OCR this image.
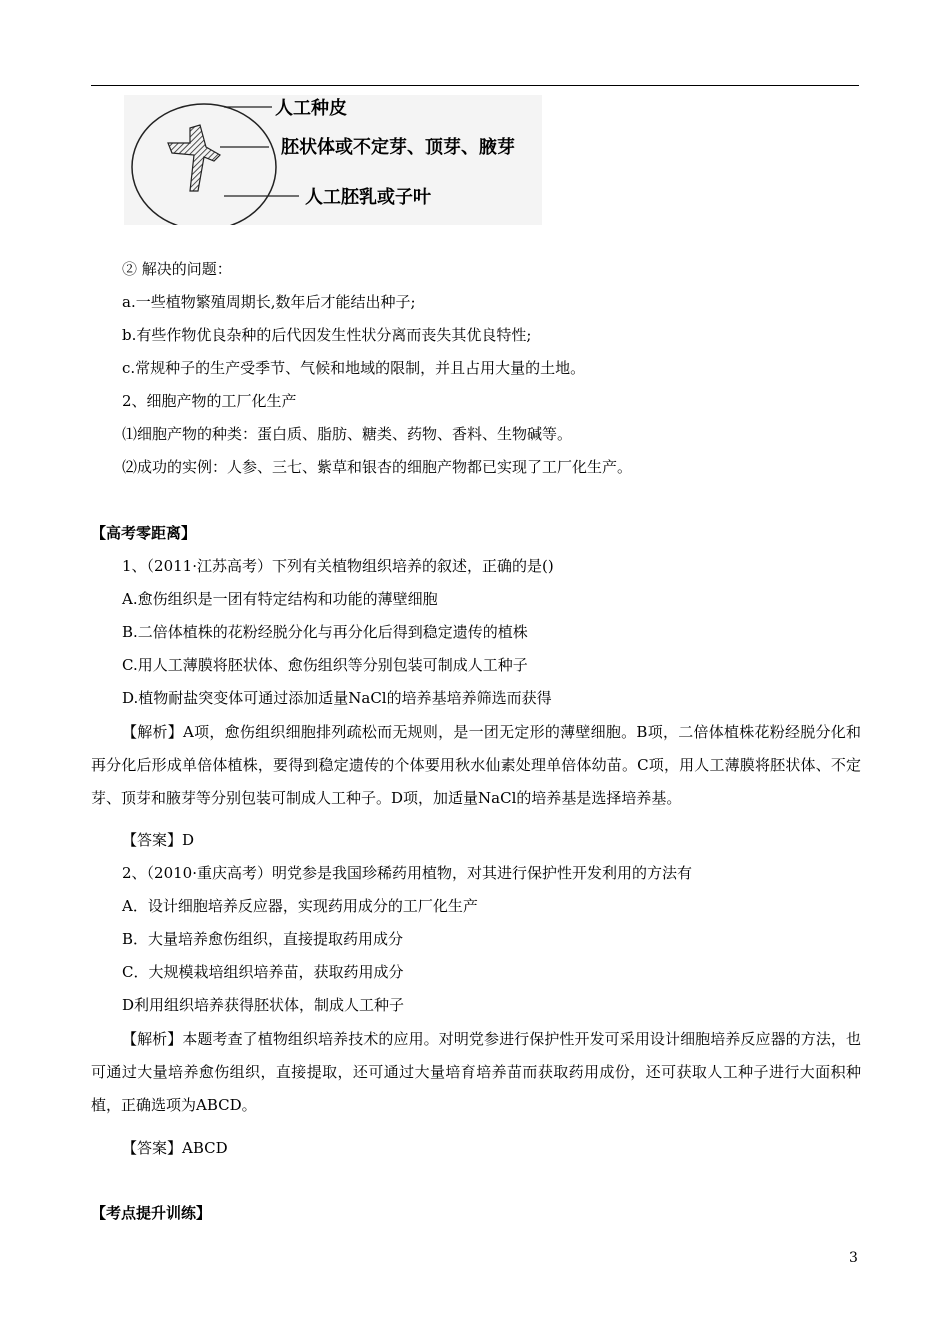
人工种皮
胚状体或不定芽、顶芽、腋芽
人工胚乳或子叶
② 解决的问题：
a.一些植物繁殖周期长,数年后才能结出种子;
b.有些作物优良杂种的后代因发生性状分离而丧失其优良特性;
c.常规种子的生产受季节、气候和地域的限制，并且占用大量的土地。
2、细胞产物的工厂化生产
⑴细胞产物的种类：蛋白质、脂肪、糖类、药物、香料、生物碱等。
⑵成功的实例：人参、三七、紫草和银杏的细胞产物都已实现了工厂化生产。
【高考零距离】
1、（2011·江苏高考）下列有关植物组织培养的叙述，正确的是()
A.愈伤组织是一团有特定结构和功能的薄壁细胞
B.二倍体植株的花粉经脱分化与再分化后得到稳定遗传的植株
C.用人工薄膜将胚状体、愈伤组织等分别包装可制成人工种子
D.植物耐盐突变体可通过添加适量NaCl的培养基培养筛选而获得

【解析】A项，愈伤组织细胞排列疏松而无规则，是一团无定形的薄壁细胞。B项，二倍体植株花粉经脱分化和再分化后形成单倍体植株，要得到稳定遗传的个体要用秋水仙素处理单倍体幼苗。C项，用人工薄膜将胚状体、不定芽、顶芽和腋芽等分别包装可制成人工种子。D项，加适量NaCl的培养基是选择培养基。

【答案】D
2、（2010·重庆高考）明党参是我国珍稀药用植物，对其进行保护性开发利用的方法有
A．设计细胞培养反应器，实现药用成分的工厂化生产
B．大量培养愈伤组织，直接提取药用成分
C．大规模栽培组织培养苗，获取药用成分
D利用组织培养获得胚状体，制成人工种子

【解析】本题考查了植物组织培养技术的应用。对明党参进行保护性开发可采用设计细胞培养反应器的方法，也可通过大量培养愈伤组织，直接提取，还可通过大量培育培养苗而获取药用成份，还可获取人工种子进行大面积种植，正确选项为ABCD。

【答案】ABCD
【考点提升训练】
3
